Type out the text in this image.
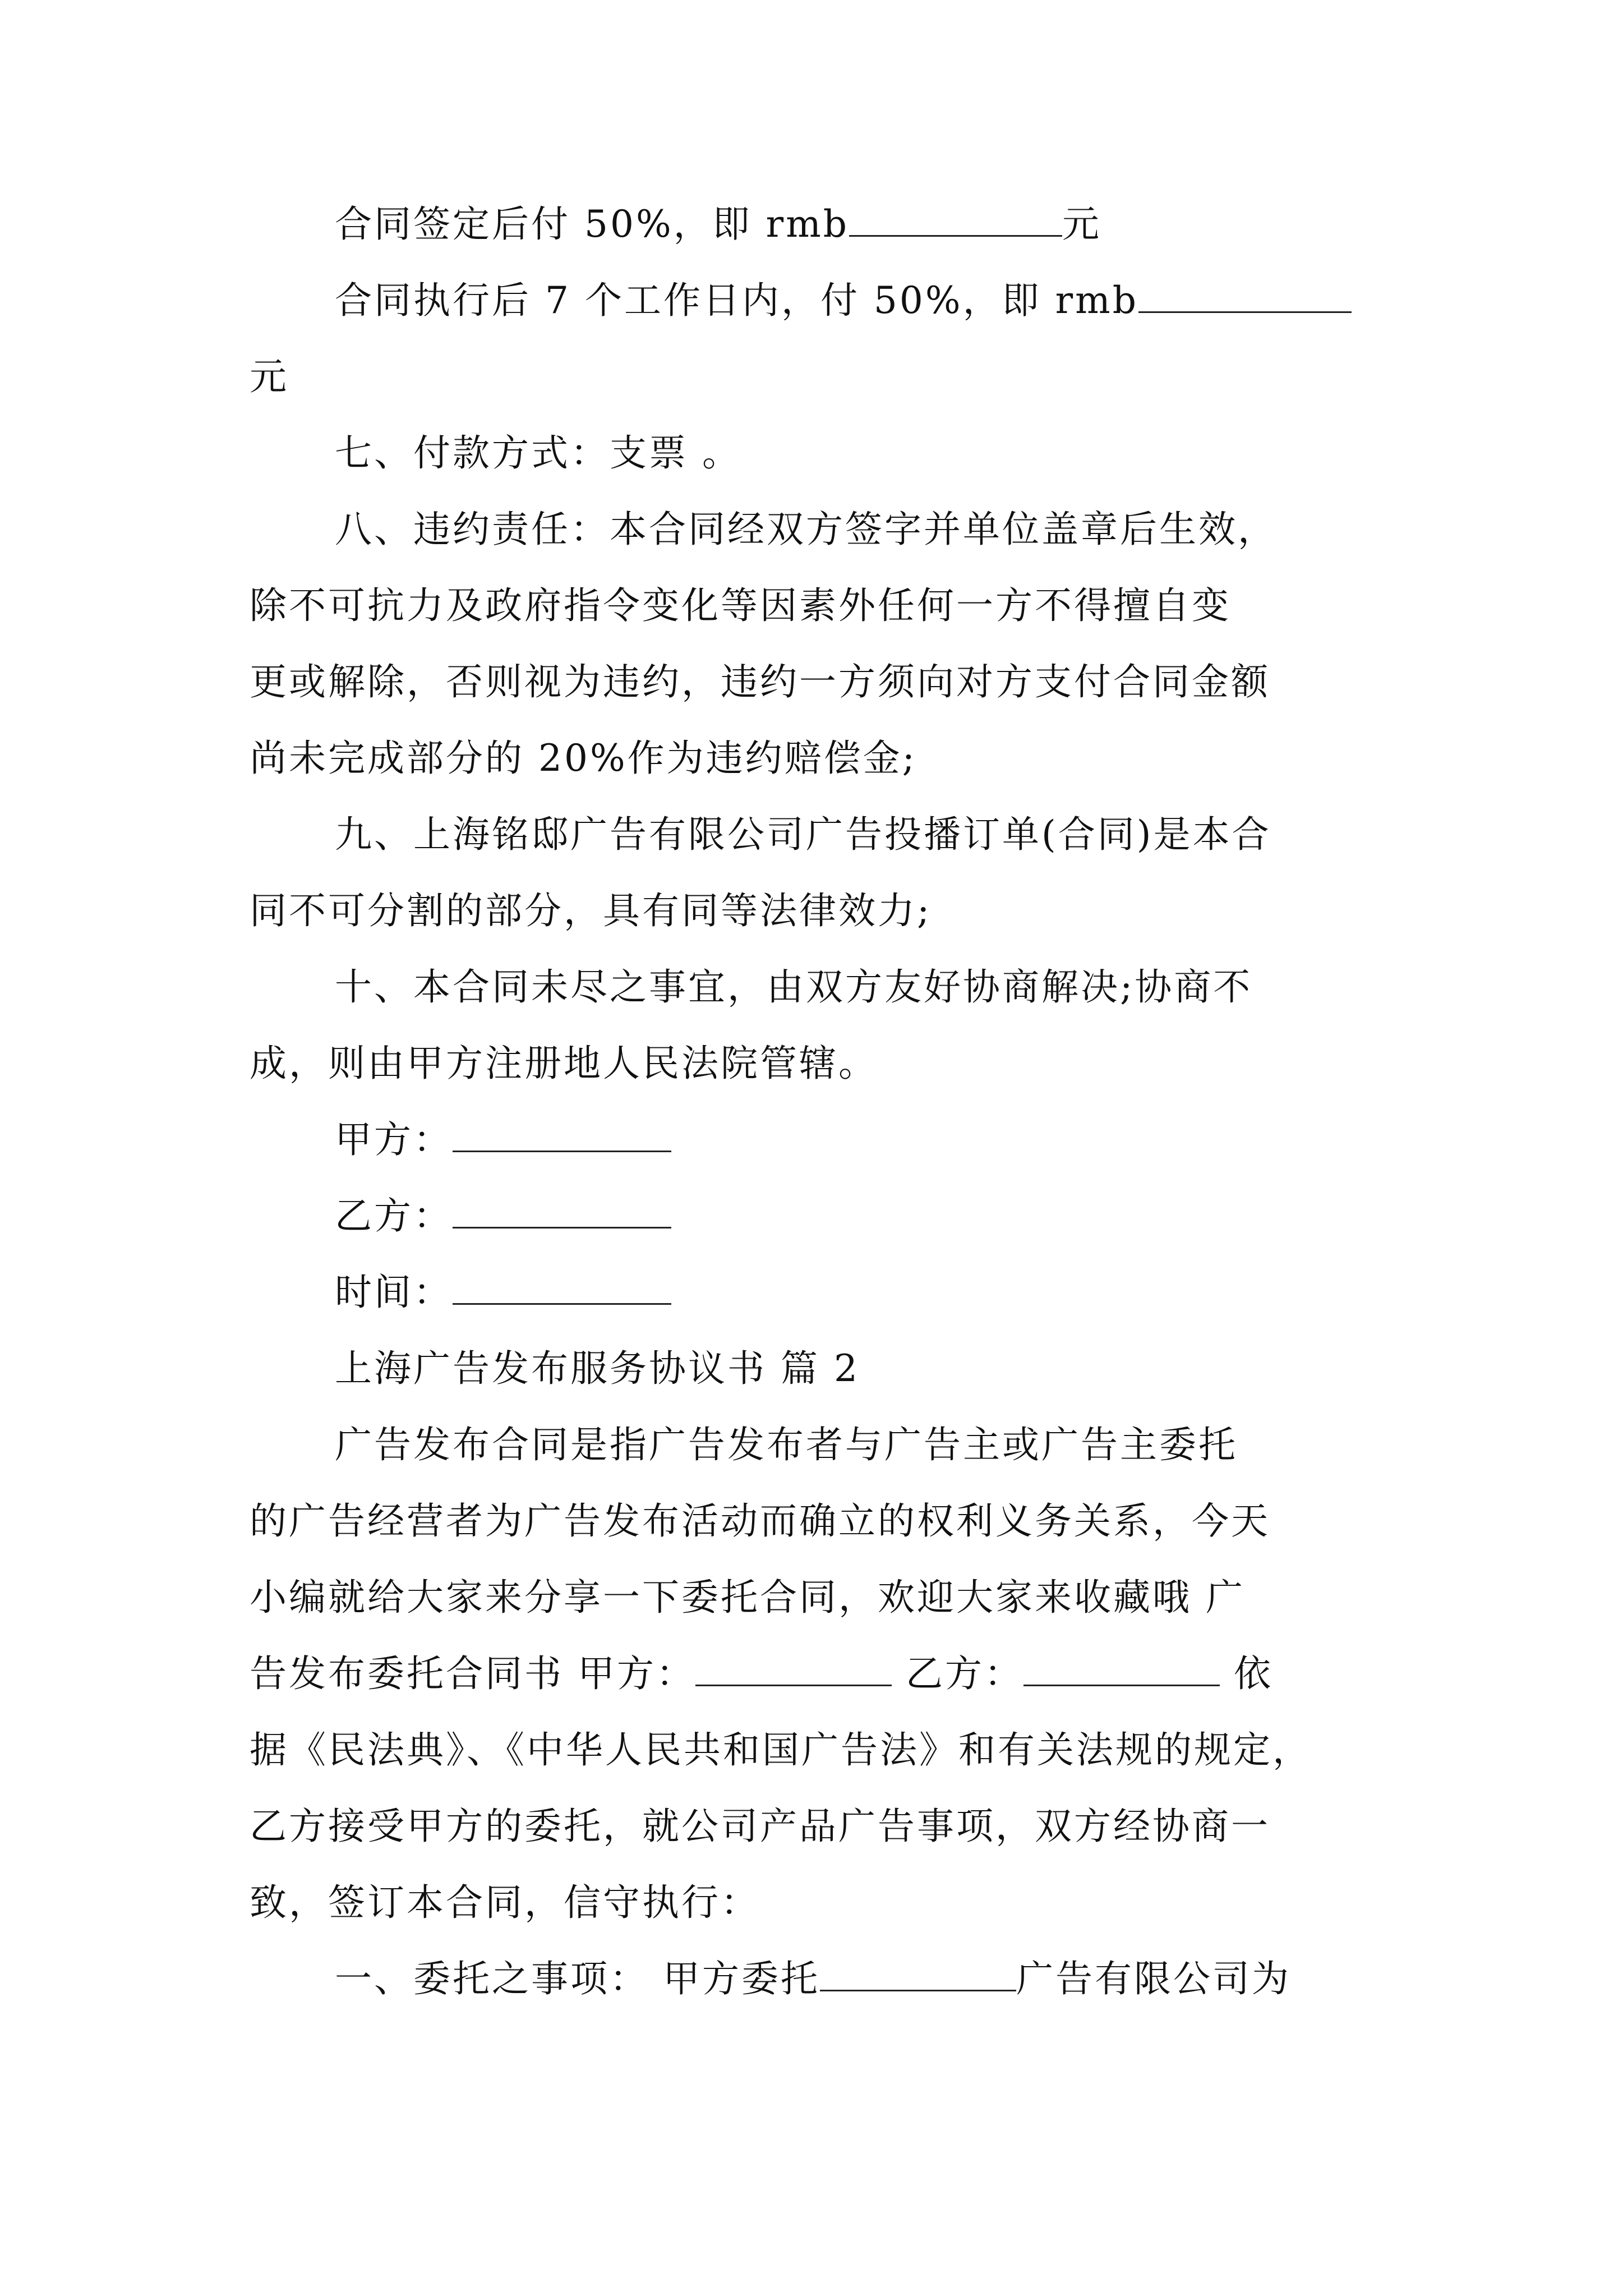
合同签定后付 50%，即 rmb	元
合同执行后 7 个工作日内，付 50%，即 rmb
元
七、付款方式：支票 。
八、违约责任：本合同经双方签字并单位盖章后生效，
除不可抗力及政府指令变化等因素外任何一方不得擅自变
更或解除，否则视为违约，违约一方须向对方支付合同金额
尚未完成部分的 20%作为违约赔偿金;
九、上海铭邸广告有限公司广告投播订单(合同)是本合
同不可分割的部分，具有同等法律效力;
十、本合同未尽之事宜，由双方友好协商解决;协商不
成，则由甲方注册地人民法院管辖。
甲方：
乙方：
时间：
上海广告发布服务协议书 篇 2
广告发布合同是指广告发布者与广告主或广告主委托
的广告经营者为广告发布活动而确立的权利义务关系，今天
小编就给大家来分享一下委托合同，欢迎大家来收藏哦 广
告发布委托合同书 甲方：	乙方：	依
据《民法典》、《中华人民共和国广告法》和有关法规的规定，
乙方接受甲方的委托，就公司产品广告事项，双方经协商一
致，签订本合同，信守执行：
一、委托之事项： 甲方委托	广告有限公司为
